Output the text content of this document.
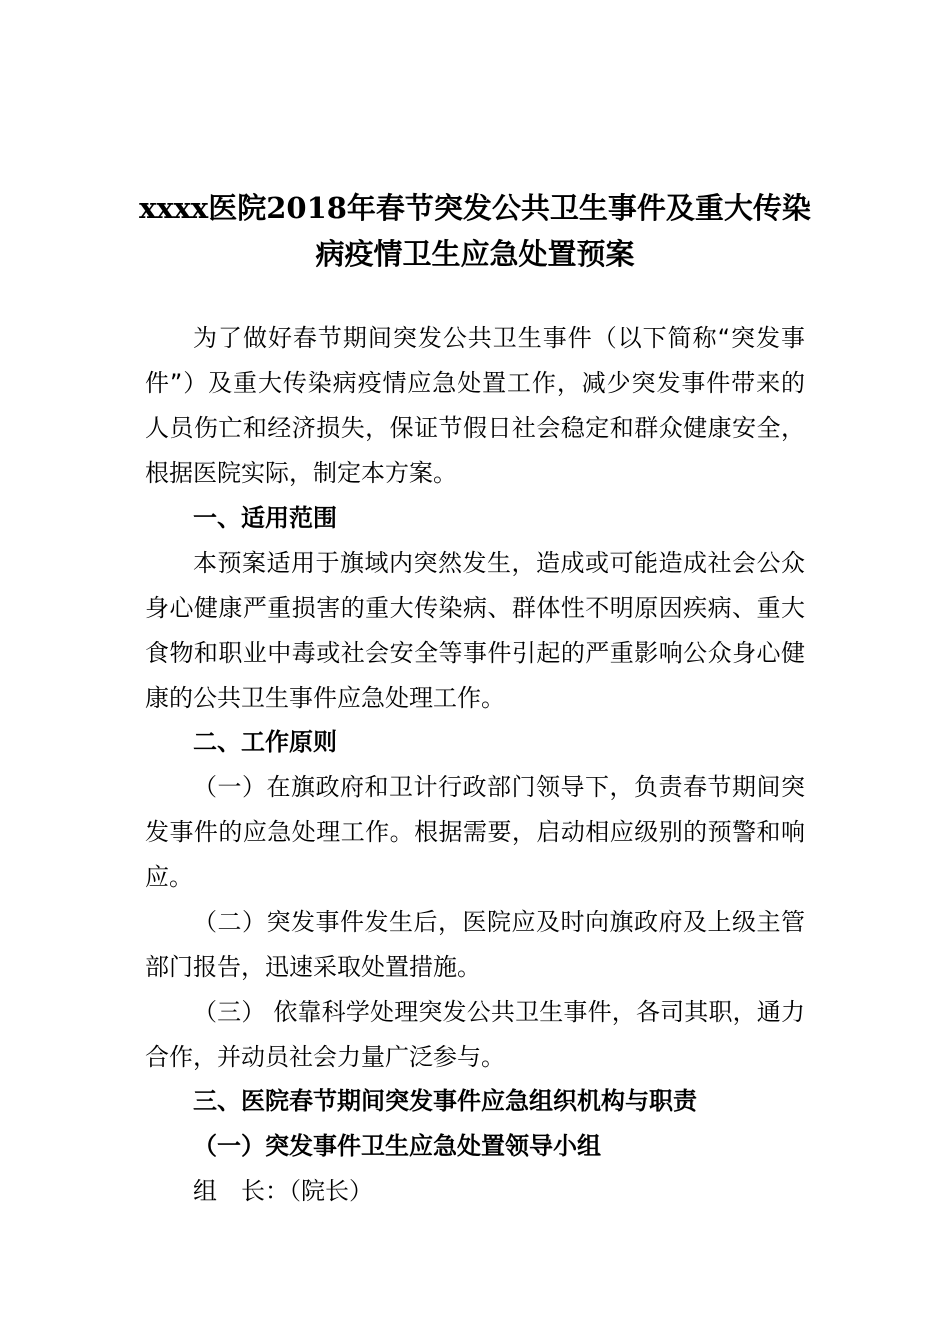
xxxx医院2018年春节突发公共卫生事件及重大传染
病疫情卫生应急处置预案
为了做好春节期间突发公共卫生事件（以下简称“突发事
件”）及重大传染病疫情应急处置工作，减少突发事件带来的
人员伤亡和经济损失，保证节假日社会稳定和群众健康安全，
根据医院实际，制定本方案。
一、适用范围
本预案适用于旗域内突然发生，造成或可能造成社会公众
身心健康严重损害的重大传染病、群体性不明原因疾病、重大
食物和职业中毒或社会安全等事件引起的严重影响公众身心健
康的公共卫生事件应急处理工作。
二、工作原则
（一）在旗政府和卫计行政部门领导下，负责春节期间突
发事件的应急处理工作。根据需要，启动相应级别的预警和响
应。
（二）突发事件发生后，医院应及时向旗政府及上级主管
部门报告，迅速采取处置措施。
（三） 依靠科学处理突发公共卫生事件，各司其职，通力
合作，并动员社会力量广泛参与。
三、医院春节期间突发事件应急组织机构与职责
（一）突发事件卫生应急处置领导小组
组　长：（院长）
